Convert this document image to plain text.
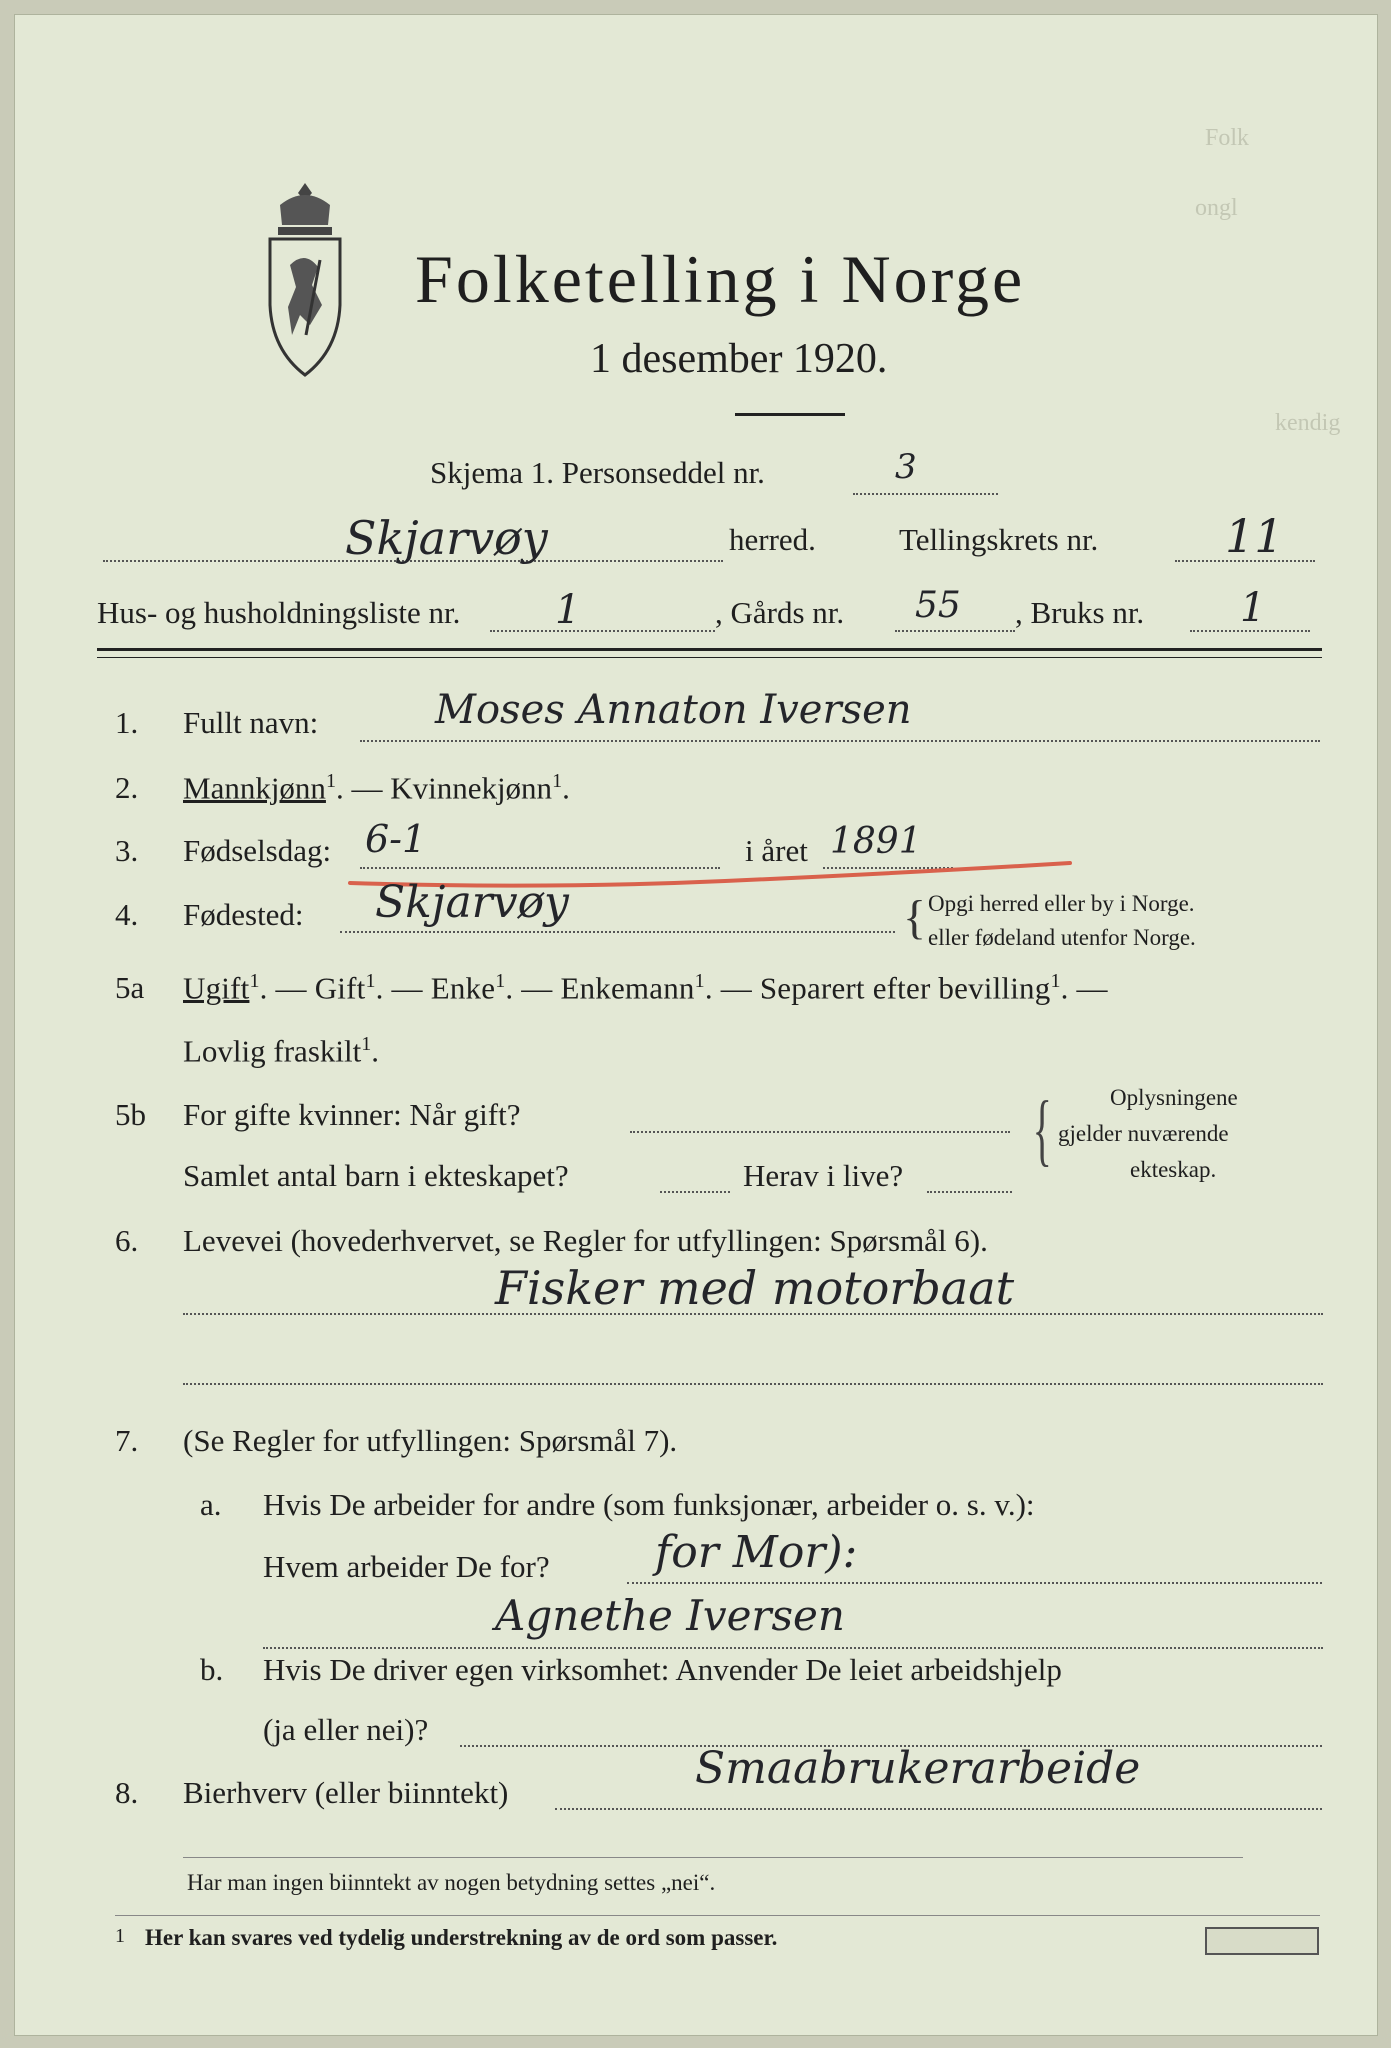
Folk
ongl
kendig
Folketelling i Norge
1 desember 1920.
Skjema 1. Personseddel nr.	3
Skjarvøy	herred.	Tellingskrets nr.	11
Hus- og husholdningsliste nr. 1	, Gårds nr. 55 , Bruks nr. 1
1. Fullt navn:	Moses Annaton Iversen
2. Mannkjønn$^1$. — Kvinnekjønn$^1$.
3. Fødselsdag: 6-1	i året 1891
4. Fødested: Skjarvøy	{ Opgi herred eller by i Norge.
eller fødeland utenfor Norge.
5a Ugift$^1$. — Gift$^1$. — Enke$^1$. — Enkemann$^1$. — Separert efter bevilling$^1$. —
Lovlig fraskilt$^1$.
5b For gifte kvinner: Når gift?
Samlet antal barn i ekteskapet?	Herav i live?
{	Oplysningene
gjelder nuværende
ekteskap.
6. Levevei (hovederhvervet, se Regler for utfyllingen: Spørsmål 6).
Fisker med motorbaat
7. (Se Regler for utfyllingen: Spørsmål 7).
a. Hvis De arbeider for andre (som funksjonær, arbeider o. s. v.):
Hvem arbeider De for? for Mor):
Agnethe Iversen
b. Hvis De driver egen virksomhet: Anvender De leiet arbeidshjelp
(ja eller nei)?
8. Bierhverv (eller biinntekt)	Smaabrukerarbeide
Har man ingen biinntekt av nogen betydning settes „nei“.
1 Her kan svares ved tydelig understrekning av de ord som passer.
